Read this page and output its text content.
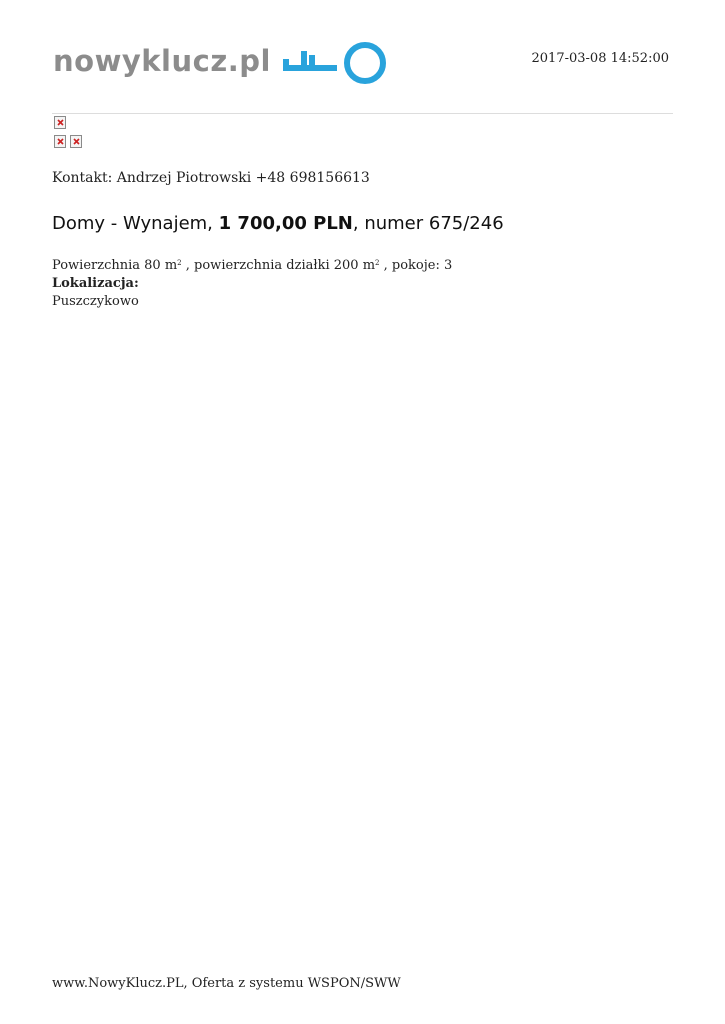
nowyklucz.pl	2017-03-08 14:52:00
Kontakt: Andrzej Piotrowski +48 698156613
Domy - Wynajem, 1 700,00 PLN, numer 675/246
Powierzchnia 80 $m^2$ , powierzchnia działki 200 $m^2$ , pokoje: 3
Lokalizacja:
Puszczykowo
www.NowyKlucz.PL, Oferta z systemu WSPON/SWW
